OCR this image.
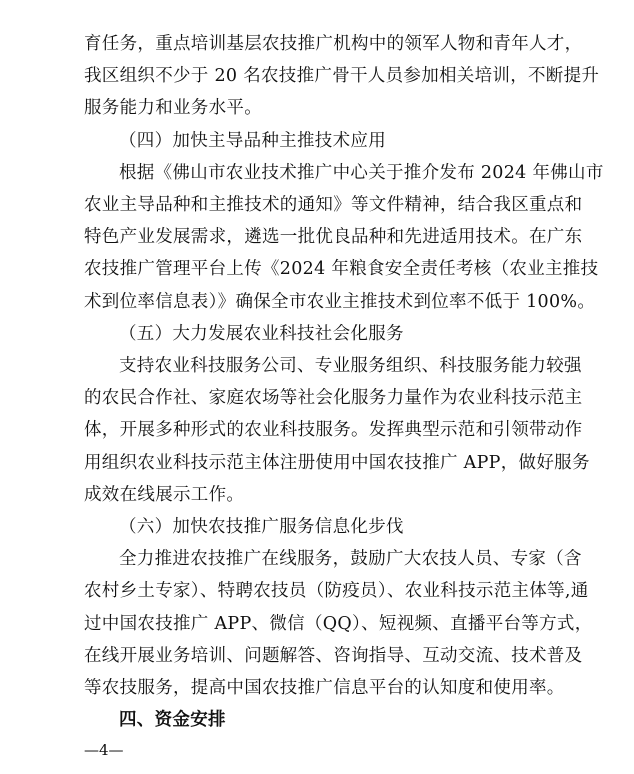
育任务，重点培训基层农技推广机构中的领军人物和青年人才，
我区组织不少于 20 名农技推广骨干人员参加相关培训，不断提升
服务能力和业务水平。
（四）加快主导品种主推技术应用
根据《佛山市农业技术推广中心关于推介发布 2024 年佛山市
农业主导品种和主推技术的通知》等文件精神，结合我区重点和
特色产业发展需求，遴选一批优良品种和先进适用技术。在广东
农技推广管理平台上传《2024 年粮食安全责任考核（农业主推技
术到位率信息表）》确保全市农业主推技术到位率不低于 100%。
（五）大力发展农业科技社会化服务
支持农业科技服务公司、专业服务组织、科技服务能力较强
的农民合作社、家庭农场等社会化服务力量作为农业科技示范主
体，开展多种形式的农业科技服务。发挥典型示范和引领带动作
用组织农业科技示范主体注册使用中国农技推广 APP，做好服务
成效在线展示工作。
（六）加快农技推广服务信息化步伐
全力推进农技推广在线服务，鼓励广大农技人员、专家（含
农村乡土专家）、特聘农技员（防疫员）、农业科技示范主体等,通
过中国农技推广 APP、微信（QQ）、短视频、直播平台等方式，
在线开展业务培训、问题解答、咨询指导、互动交流、技术普及
等农技服务，提高中国农技推广信息平台的认知度和使用率。
四、资金安排
—4—
